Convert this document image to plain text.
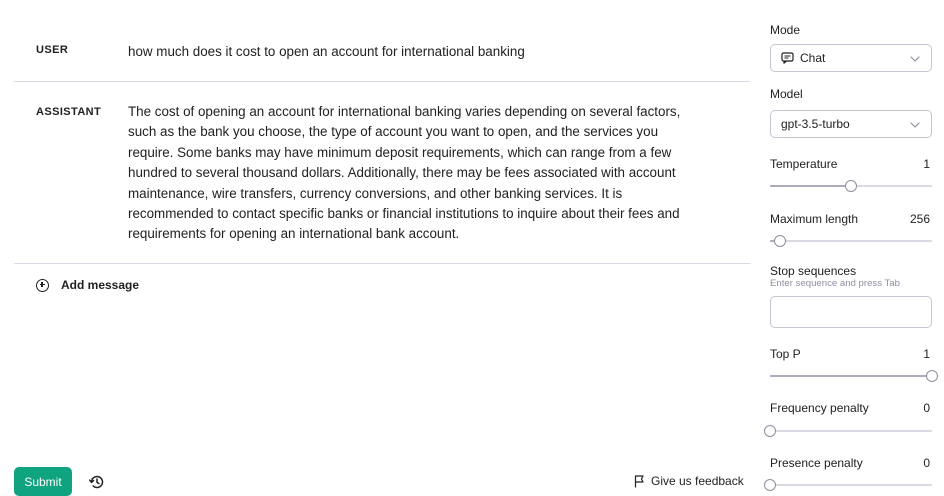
USER	how much does it cost to open an account for international banking
ASSISTANT The cost of opening an account for international banking varies depending on several factors, such as the bank you choose, the type of account you want to open, and the services you require. Some banks may have minimum deposit requirements, which can range from a few hundred to several thousand dollars. Additionally, there may be fees associated with account maintenance, wire transfers, currency conversions, and other banking services. It is recommended to contact specific banks or financial institutions to inquire about their fees and requirements for opening an international bank account.
Add message
Submit	Give us feedback
Mode
Chat
Model
gpt-3.5-turbo
Temperature	1
Maximum length	256
Stop sequences
Enter sequence and press Tab
Top P	1
Frequency penalty	0
Presence penalty	0
